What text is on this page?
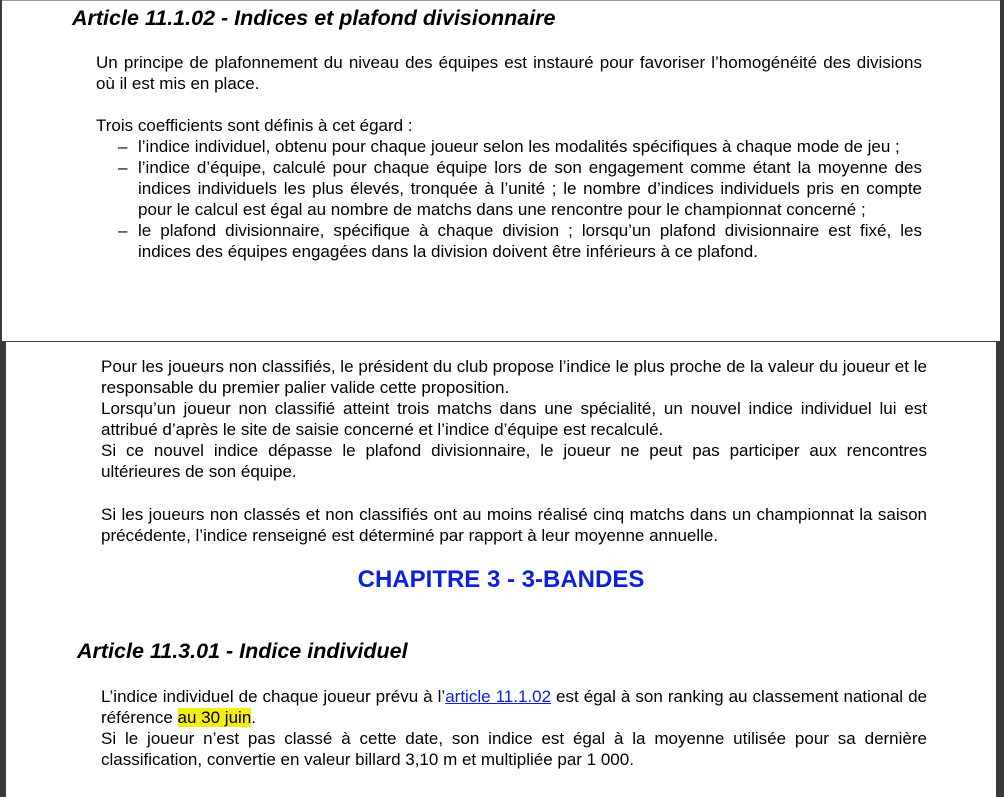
Article 11.1.02 - Indices et plafond divisionnaire

Un principe de plafonnement du niveau des équipes est instauré pour favoriser l’homogénéité des divisions où il est mis en place.

Trois coefficients sont définis à cet égard :

– l’indice individuel, obtenu pour chaque joueur selon les modalités spécifiques à chaque mode de jeu ;
– l’indice d’équipe, calculé pour chaque équipe lors de son engagement comme étant la moyenne des indices individuels les plus élevés, tronquée à l’unité ; le nombre d’indices individuels pris en compte pour le calcul est égal au nombre de matchs dans une rencontre pour le championnat concerné ;
– le plafond divisionnaire, spécifique à chaque division ; lorsqu’un plafond divisionnaire est fixé, les indices des équipes engagées dans la division doivent être inférieurs à ce plafond.

Pour les joueurs non classifiés, le président du club propose l’indice le plus proche de la valeur du joueur et le responsable du premier palier valide cette proposition.
Lorsqu’un joueur non classifié atteint trois matchs dans une spécialité, un nouvel indice individuel lui est attribué d’après le site de saisie concerné et l’indice d’équipe est recalculé.
Si ce nouvel indice dépasse le plafond divisionnaire, le joueur ne peut pas participer aux rencontres ultérieures de son équipe.

Si les joueurs non classés et non classifiés ont au moins réalisé cinq matchs dans un championnat la saison précédente, l’indice renseigné est déterminé par rapport à leur moyenne annuelle.

CHAPITRE 3 - 3-BANDES
Article 11.3.01 - Indice individuel

L’indice individuel de chaque joueur prévu à l’article 11.1.02 est égal à son ranking au classement national de référence au 30 juin.

Si le joueur n’est pas classé à cette date, son indice est égal à la moyenne utilisée pour sa dernière classification, convertie en valeur billard 3,10 m et multipliée par 1 000.
